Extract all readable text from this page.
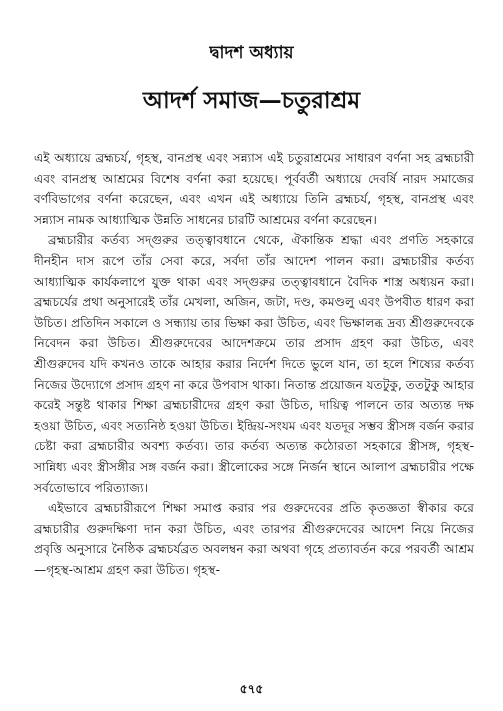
দ্বাদশ অধ্যায়
আদর্শ সমাজ—চতুরাশ্রম

এই অধ্যায়ে ব্রহ্মচর্য, গৃহস্থ, বানপ্রস্থ এবং সন্ন্যাস এই চতুরাশ্রমের সাধারণ বর্ণনা সহ ব্রহ্মচারী এবং বানপ্রস্থ আশ্রমের বিশেষ বর্ণনা করা হয়েছে। পূর্ববর্তী অধ্যায়ে দেবর্ষি নারদ সমাজের বর্ণবিভাগের বর্ণনা করেছেন, এবং এখন এই অধ্যায়ে তিনি ব্রহ্মচর্য, গৃহস্থ, বানপ্রস্থ এবং সন্ন্যাস নামক আধ্যাত্মিক উন্নতি সাধনের চারটি আশ্রমের বর্ণনা করেছেন।

ব্রহ্মচারীর কর্তব্য সদ্গুরুর তত্ত্বাবধানে থেকে, ঐকান্তিক শ্রদ্ধা এবং প্রণতি সহকারে দীনহীন দাস রূপে তাঁর সেবা করে, সর্বদা তাঁর আদেশ পালন করা। ব্রহ্মচারীর কর্তব্য আধ্যাত্মিক কার্যকলাপে যুক্ত থাকা এবং সদ্গুরুর তত্ত্বাবধানে বৈদিক শাস্ত্র অধ্যয়ন করা। ব্রহ্মচর্যের প্রথা অনুসারেই তাঁর মেখলা, অজিন, জটা, দণ্ড, কমণ্ডলু এবং উপবীত ধারণ করা উচিত। প্রতিদিন সকালে ও সন্ধ্যায় তার ভিক্ষা করা উচিত, এবং ভিক্ষালব্ধ দ্রব্য শ্রীগুরুদেবকে নিবেদন করা উচিত। শ্রীগুরুদেবের আদেশক্রমে তার প্রসাদ গ্রহণ করা উচিত, এবং শ্রীগুরুদেব যদি কখনও তাকে আহার করার নির্দেশ দিতে ভুলে যান, তা হলে শিষ্যের কর্তব্য নিজের উদ্যোগে প্রসাদ গ্রহণ না করে উপবাস থাকা। নিতান্ত প্রয়োজন যতটুকু, ততটুকু আহার করেই সন্তুষ্ট থাকার শিক্ষা ব্রহ্মচারীদের গ্রহণ করা উচিত, দায়িত্ব পালনে তার অত্যন্ত দক্ষ হওয়া উচিত, এবং সত্যনিষ্ঠ হওয়া উচিত। ইন্দ্রিয়-সংযম এবং যতদূর সম্ভব স্ত্রীসঙ্গ বর্জন করার চেষ্টা করা ব্রহ্মচারীর অবশ্য কর্তব্য। তার কর্তব্য অত্যন্ত কঠোরতা সহকারে স্ত্রীসঙ্গ, গৃহস্থ-সান্নিধ্য এবং স্ত্রীসঙ্গীর সঙ্গ বর্জন করা। স্ত্রীলোকের সঙ্গে নির্জন স্থানে আলাপ ব্রহ্মচারীর পক্ষে সর্বতোভাবে পরিত্যাজ্য।

এইভাবে ব্রহ্মচারীরূপে শিক্ষা সমাপ্ত করার পর গুরুদেবের প্রতি কৃতজ্ঞতা স্বীকার করে ব্রহ্মচারীর গুরুদক্ষিণা দান করা উচিত, এবং তারপর শ্রীগুরুদেবের আদেশ নিয়ে নিজের প্রবৃত্তি অনুসারে নৈষ্ঠিক ব্রহ্মচর্যব্রত অবলম্বন করা অথবা গৃহে প্রত্যাবর্তন করে পরবর্তী আশ্রম—গৃহস্থ-আশ্রম গ্রহণ করা উচিত। গৃহস্থ-

৫৭৫
